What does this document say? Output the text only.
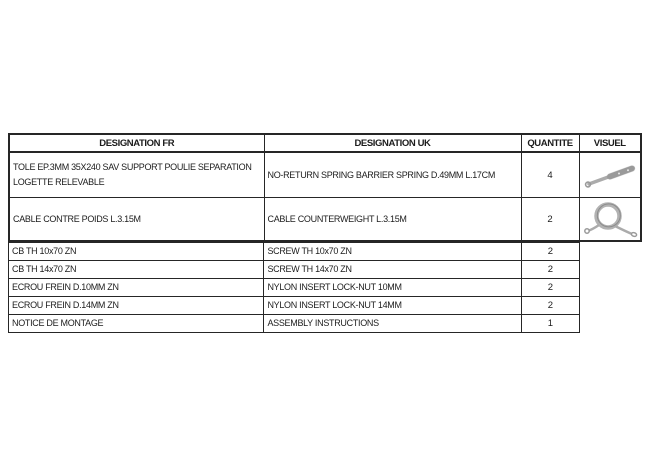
DESIGNATION FR	DESIGNATION UK	QUANTITE	VISUEL
TOLE EP.3MM 35X240 SAV SUPPORT POULIE SEPARATION LOGETTE RELEVABLE	NO-RETURN SPRING BARRIER SPRING D.49MM L.17CM	4	

CABLE CONTRE POIDS L.3.15M	CABLE COUNTERWEIGHT L.3.15M	2	
CB TH 10x70 ZN	SCREW TH 10x70 ZN	2
CB TH 14x70 ZN	SCREW TH 14x70 ZN	2
ECROU FREIN D.10MM ZN	NYLON INSERT LOCK-NUT 10MM	2
ECROU FREIN D.14MM ZN	NYLON INSERT LOCK-NUT 14MM	2
NOTICE DE MONTAGE	ASSEMBLY INSTRUCTIONS	1
